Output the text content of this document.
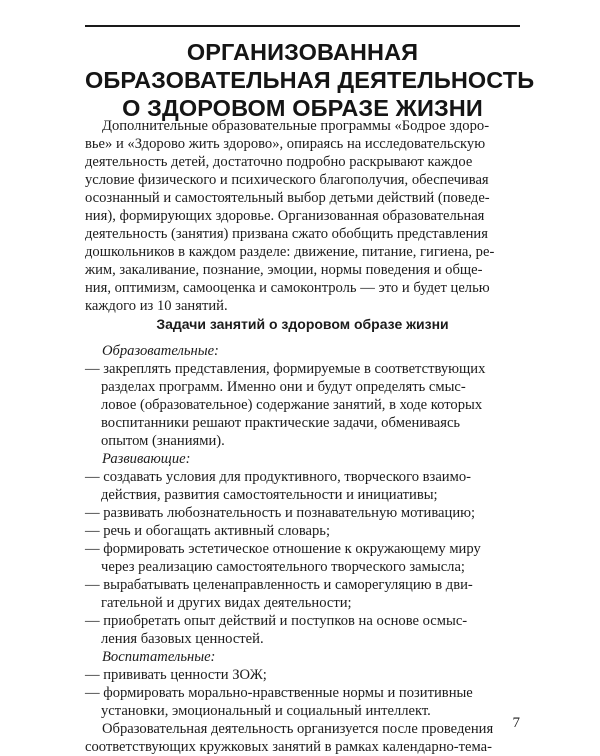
ОРГАНИЗОВАННАЯ
ОБРАЗОВАТЕЛЬНАЯ ДЕЯТЕЛЬНОСТЬ
О ЗДОРОВОМ ОБРАЗЕ ЖИЗНИ
Дополнительные образовательные программы «Бодрое здоро-
вье» и «Здорово жить здорово», опираясь на исследовательскую
деятельность детей, достаточно подробно раскрывают каждое
условие физического и психического благополучия, обеспечивая
осознанный и самостоятельный выбор детьми действий (поведе-
ния), формирующих здоровье. Организованная образовательная
деятельность (занятия) призвана сжато обобщить представления
дошкольников в каждом разделе: движение, питание, гигиена, ре-
жим, закаливание, познание, эмоции, нормы поведения и обще-
ния, оптимизм, самооценка и самоконтроль — это и будет целью
каждого из 10 занятий.
Задачи занятий о здоровом образе жизни
Образовательные:
— закреплять представления, формируемые в соответствующих
разделах программ. Именно они и будут определять смыс-
ловое (образовательное) содержание занятий, в ходе которых
воспитанники решают практические задачи, обмениваясь
опытом (знаниями).
Развивающие:
— создавать условия для продуктивного, творческого взаимо-
действия, развития самостоятельности и инициативы;
— развивать любознательность и познавательную мотивацию;
— речь и обогащать активный словарь;
— формировать эстетическое отношение к окружающему миру
через реализацию самостоятельного творческого замысла;
— вырабатывать целенаправленность и саморегуляцию в дви-
гательной и других видах деятельности;
— приобретать опыт действий и поступков на основе осмыс-
ления базовых ценностей.
Воспитательные:
— прививать ценности ЗОЖ;
— формировать морально-нравственные нормы и позитивные
установки, эмоциональный и социальный интеллект.
Образовательная деятельность организуется после проведения
соответствующих кружковых занятий в рамках календарно-тема-
7
